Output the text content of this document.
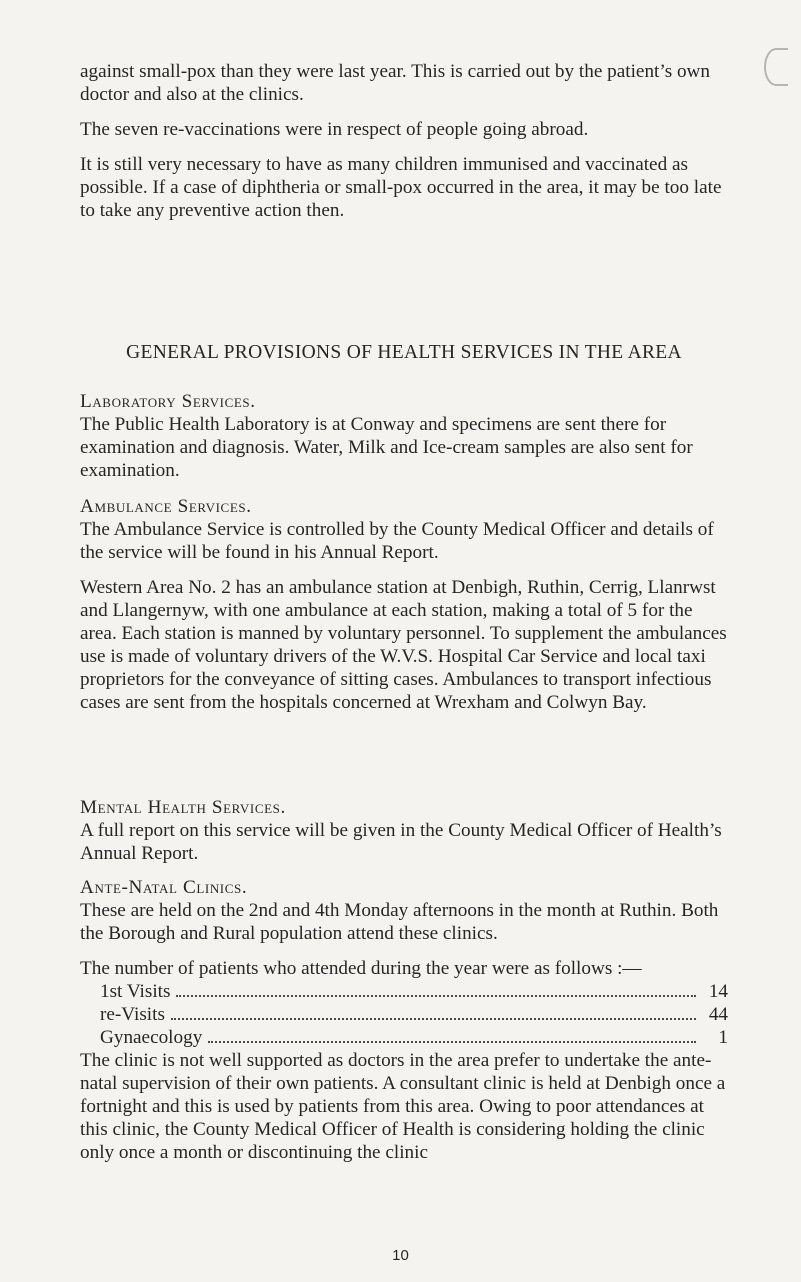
against small-pox than they were last year. This is carried out by the patient’s own doctor and also at the clinics.

The seven re-vaccinations were in respect of people going abroad.

It is still very necessary to have as many children immunised and vaccinated as possible. If a case of diphtheria or small-pox occurred in the area, it may be too late to take any preventive action then.

GENERAL PROVISIONS OF HEALTH SERVICES IN THE AREA

Laboratory Services.

The Public Health Laboratory is at Conway and specimens are sent there for examination and diagnosis. Water, Milk and Ice-cream samples are also sent for examination.

Ambulance Services.

The Ambulance Service is controlled by the County Medical Officer and details of the service will be found in his Annual Report.

Western Area No. 2 has an ambulance station at Denbigh, Ruthin, Cerrig, Llanrwst and Llangernyw, with one ambulance at each station, making a total of 5 for the area. Each station is manned by voluntary personnel. To supplement the ambulances use is made of voluntary drivers of the W.V.S. Hospital Car Service and local taxi proprietors for the conveyance of sitting cases. Ambulances to transport infectious cases are sent from the hospitals concerned at Wrexham and Colwyn Bay.

Mental Health Services.

A full report on this service will be given in the County Medical Officer of Health’s Annual Report.

Ante-Natal Clinics.

These are held on the 2nd and 4th Monday afternoons in the month at Ruthin. Both the Borough and Rural population attend these clinics.

The number of patients who attended during the year were as follows :—

1st Visits	14
re-Visits	44
Gynaecology	1

The clinic is not well supported as doctors in the area prefer to undertake the ante-natal supervision of their own patients. A consultant clinic is held at Denbigh once a fortnight and this is used by patients from this area. Owing to poor attendances at this clinic, the County Medical Officer of Health is considering holding the clinic only once a month or discontinuing the clinic

10
